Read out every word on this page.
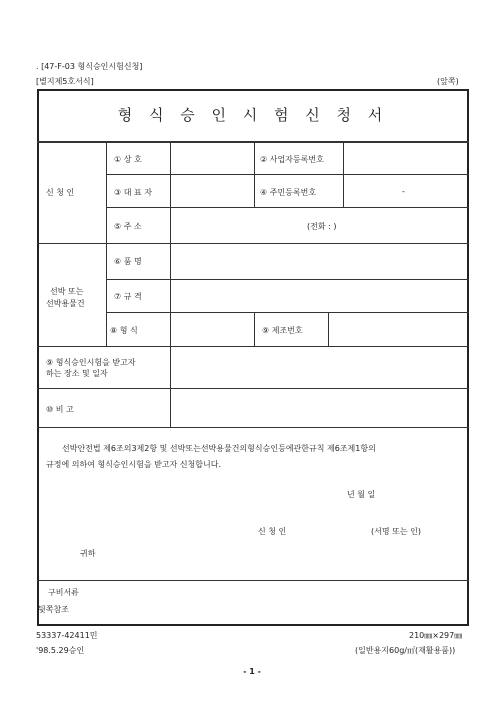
. [47-F-03 형식승인시험신청]
[별지제5호서식]	(앞쪽)
형 식 승 인 시 험 신 청 서
신 청 인
① 상 호	② 사업자등록번호
③ 대 표 자	④ 주민등록번호	-
⑤ 주 소	(전화 : )
선박 또는
선박용물건
⑥ 품 명
⑦ 규 격
⑧ 형 식	⑨ 제조번호
⑨ 형식승인시험을 받고자
하는 장소 및 일자
⑩ 비 고
선박안전법 제6조의3제2항 및 선박또는선박용물건의형식승인등에관한규칙 제6조제1항의
규정에 의하여 형식승인시험을 받고자 신청합니다.
년 월 일
신 청 인	(서명 또는 인)
귀하
구비서류
뒷쪽참조
53337-42411민
'98.5.29승인
210㎜×297㎜
(일반용지60g/㎡(재활용품))
- 1 -
